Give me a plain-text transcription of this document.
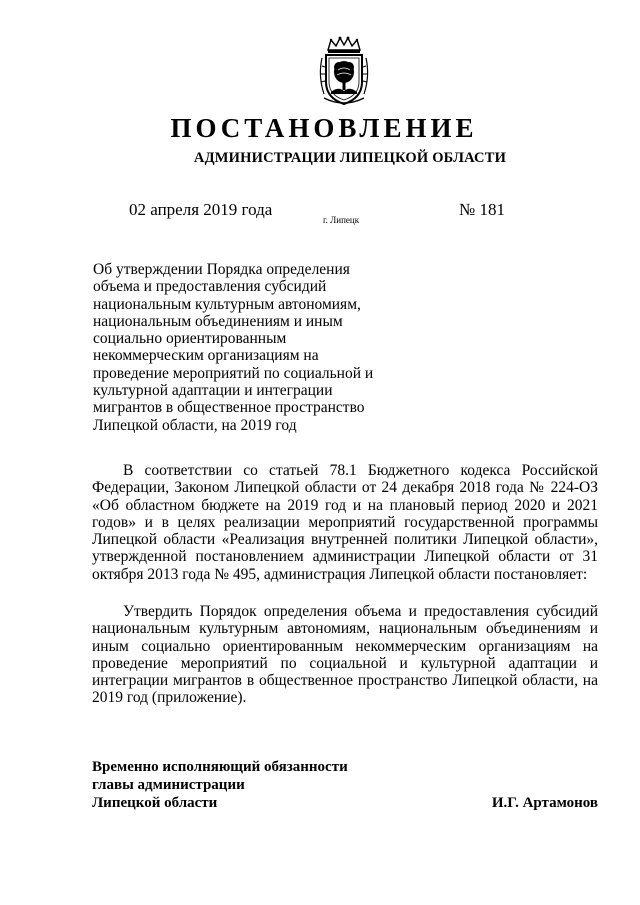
ПОСТАНОВЛЕНИЕ
АДМИНИСТРАЦИИ ЛИПЕЦКОЙ ОБЛАСТИ
02 апреля 2019 года
г. Липецк
№ 181
Об утверждении Порядка определения
объема и предоставления субсидий
национальным культурным автономиям,
национальным объединениям и иным
социально ориентированным
некоммерческим организациям на
проведение мероприятий по социальной и
культурной адаптации и интеграции
мигрантов в общественное пространство
Липецкой области, на 2019 год
В соответствии со статьей 78.1 Бюджетного кодекса Российской Федерации, Законом Липецкой области от 24 декабря 2018 года № 224-ОЗ «Об областном бюджете на 2019 год и на плановый период 2020 и 2021 годов» и в целях реализации мероприятий государственной программы Липецкой области «Реализация внутренней политики Липецкой области», утвержденной постановлением администрации Липецкой области от 31 октября 2013 года № 495, администрация Липецкой области постановляет:
Утвердить Порядок определения объема и предоставления субсидий национальным культурным автономиям, национальным объединениям и иным социально ориентированным некоммерческим организациям на проведение мероприятий по социальной и культурной адаптации и интеграции мигрантов в общественное пространство Липецкой области, на 2019 год (приложение).
Временно исполняющий обязанности
главы администрации
Липецкой области	И.Г. Артамонов
